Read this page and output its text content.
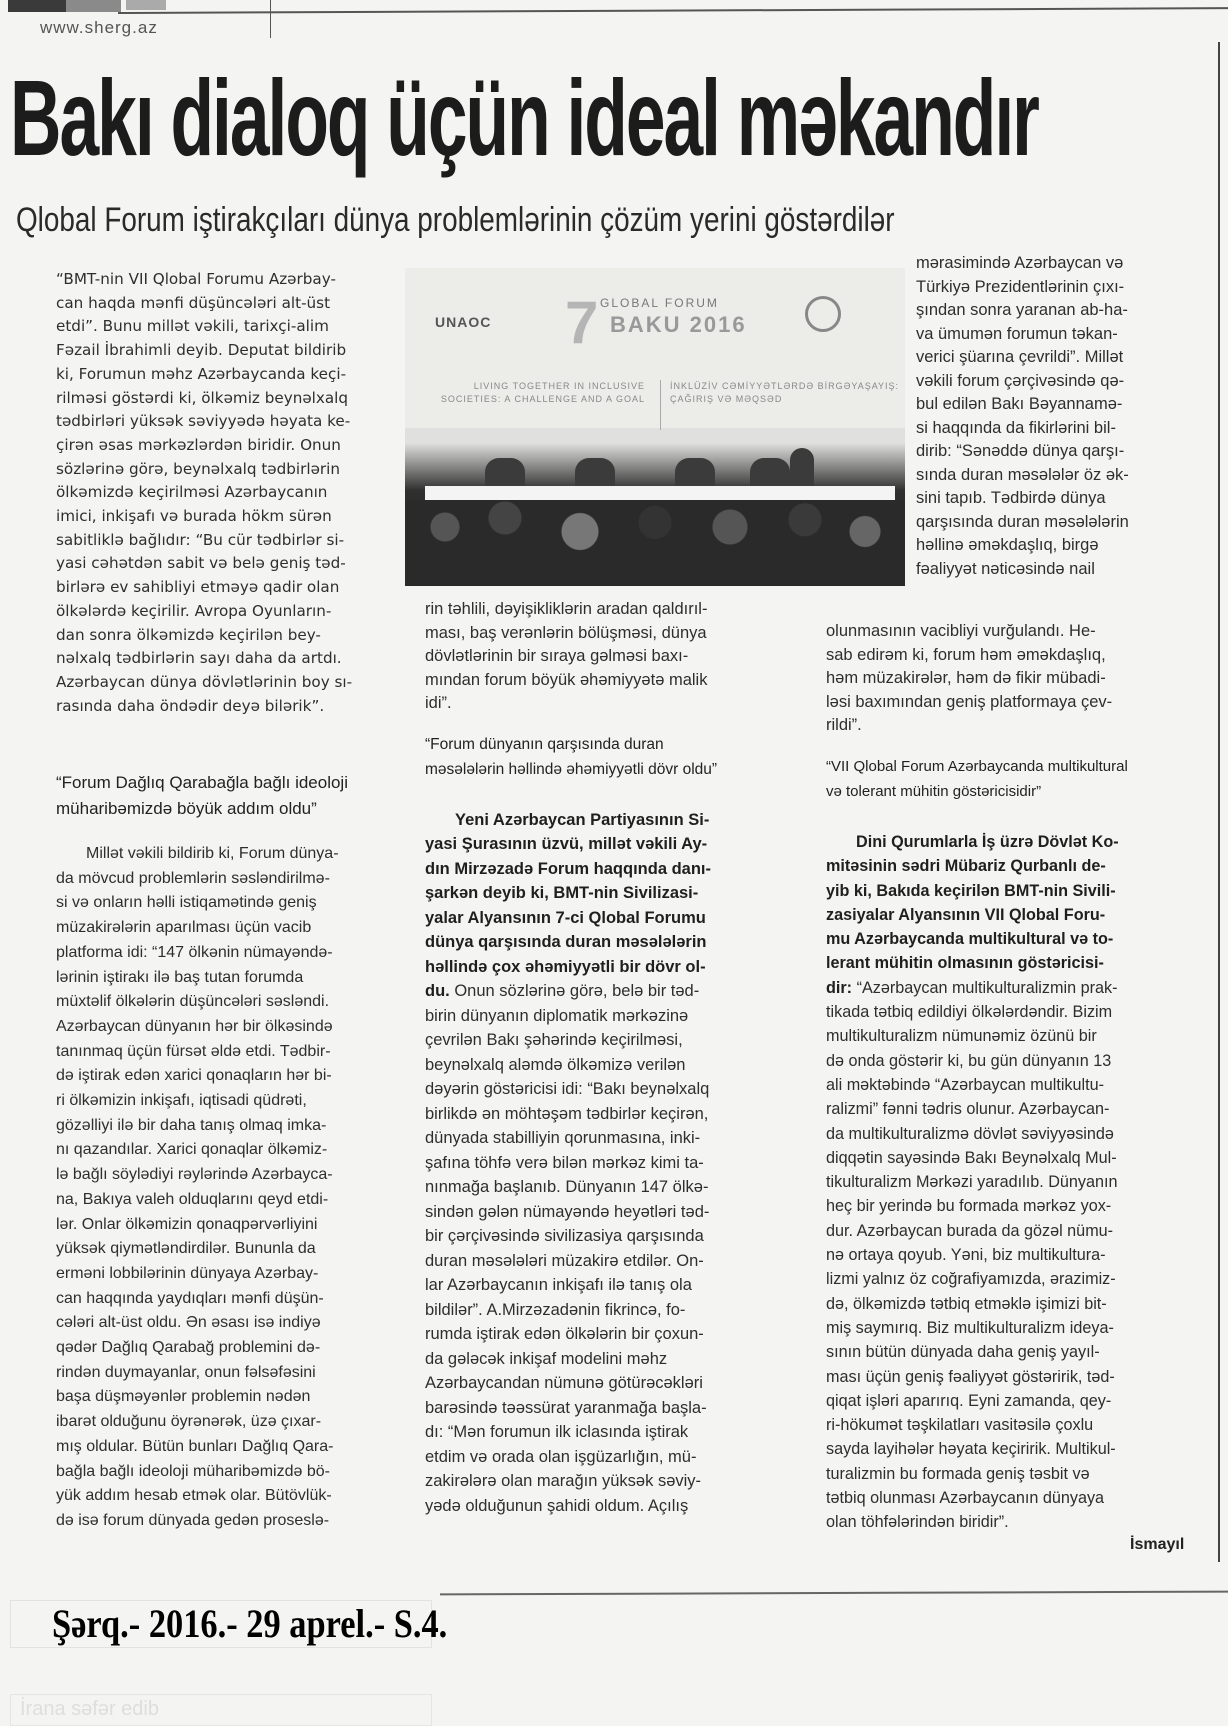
www.sherg.az
Bakı dialoq üçün ideal məkandır
Qlobal Forum iştirakçıları dünya problemlərinin çözüm yerini göstərdilər
“BMT-nin VII Qlobal Forumu Azərbay-
can haqda mənfi düşüncələri alt-üst
etdi”. Bunu millət vəkili, tarixçi-alim
Fəzail İbrahimli deyib. Deputat bildirib
ki, Forumun məhz Azərbaycanda keçi-
rilməsi göstərdi ki, ölkəmiz beynəlxalq
tədbirləri yüksək səviyyədə həyata ke-
çirən əsas mərkəzlərdən biridir. Onun
sözlərinə görə, beynəlxalq tədbirlərin
ölkəmizdə keçirilməsi Azərbaycanın
imici, inkişafı və burada hökm sürən
sabitliklə bağlıdır: “Bu cür tədbirlər si-
yasi cəhətdən sabit və belə geniş təd-
birlərə ev sahibliyi etməyə qadir olan
ölkələrdə keçirilir. Avropa Oyunların-
dan sonra ölkəmizdə keçirilən bey-
nəlxalq tədbirlərin sayı daha da artdı.
Azərbaycan dünya dövlətlərinin boy sı-
rasında daha öndədir deyə bilərik”.
“Forum Dağlıq Qarabağla bağlı ideoloji
müharibəmizdə böyük addım oldu”
Millət vəkili bildirib ki, Forum dünya-
da mövcud problemlərin səsləndirilmə-
si və onların həlli istiqamətində geniş
müzakirələrin aparılması üçün vacib
platforma idi: “147 ölkənin nümayəndə-
lərinin iştirakı ilə baş tutan forumda
müxtəlif ölkələrin düşüncələri səsləndi.
Azərbaycan dünyanın hər bir ölkəsində
tanınmaq üçün fürsət əldə etdi. Tədbir-
də iştirak edən xarici qonaqların hər bi-
ri ölkəmizin inkişafı, iqtisadi qüdrəti,
gözəlliyi ilə bir daha tanış olmaq imka-
nı qazandılar. Xarici qonaqlar ölkəmiz-
lə bağlı söylədiyi rəylərində Azərbayca-
na, Bakıya valeh olduqlarını qeyd etdi-
lər. Onlar ölkəmizin qonaqpərvərliyini
yüksək qiymətləndirdilər. Bununla da
erməni lobbilərinin dünyaya Azərbay-
can haqqında yaydıqları mənfi düşün-
cələri alt-üst oldu. Ən əsası isə indiyə
qədər Dağlıq Qarabağ problemini də-
rindən duymayanlar, onun fəlsəfəsini
başa düşməyənlər problemin nədən
ibarət olduğunu öyrənərək, üzə çıxar-
mış oldular. Bütün bunları Dağlıq Qara-
bağla bağlı ideoloji müharibəmizdə bö-
yük addım hesab etmək olar. Bütövlük-
də isə forum dünyada gedən proseslə-
UNAOC 7 GLOBAL FORUM
BAKU 2016
LIVING TOGETHER IN INCLUSIVE SOCIETIES: A CHALLENGE AND A GOAL
İNKLÜZİV CƏMİYYƏTLƏRDƏ BİRGƏYAŞAYIŞ: ÇAĞIRIŞ VƏ MƏQSƏD
rin təhlili, dəyişikliklərin aradan qaldırıl-
ması, baş verənlərin bölüşməsi, dünya
dövlətlərinin bir sıraya gəlməsi baxı-
mından forum böyük əhəmiyyətə malik
idi”.
“Forum dünyanın qarşısında duran
məsələlərin həllində əhəmiyyətli dövr oldu”
Yeni Azərbaycan Partiyasının Si-
yasi Şurasının üzvü, millət vəkili Ay-
dın Mirzəzadə Forum haqqında danı-
şarkən deyib ki, BMT-nin Sivilizasi-
yalar Alyansının 7-ci Qlobal Forumu
dünya qarşısında duran məsələlərin
həllində çox əhəmiyyətli bir dövr ol-
du. Onun sözlərinə görə, belə bir təd-
birin dünyanın diplomatik mərkəzinə
çevrilən Bakı şəhərində keçirilməsi,
beynəlxalq aləmdə ölkəmizə verilən
dəyərin göstəricisi idi: “Bakı beynəlxalq
birlikdə ən möhtəşəm tədbirlər keçirən,
dünyada stabilliyin qorunmasına, inki-
şafına töhfə verə bilən mərkəz kimi ta-
nınmağa başlanıb. Dünyanın 147 ölkə-
sindən gələn nümayəndə heyətləri təd-
bir çərçivəsində sivilizasiya qarşısında
duran məsələləri müzakirə etdilər. On-
lar Azərbaycanın inkişafı ilə tanış ola
bildilər”. A.Mirzəzadənin fikrincə, fo-
rumda iştirak edən ölkələrin bir çoxun-
da gələcək inkişaf modelini məhz
Azərbaycandan nümunə götürəcəkləri
barəsində təəssürat yaranmağa başla-
dı: “Mən forumun ilk iclasında iştirak
etdim və orada olan işgüzarlığın, mü-
zakirələrə olan marağın yüksək səviy-
yədə olduğunun şahidi oldum. Açılış
mərasimində Azərbaycan və
Türkiyə Prezidentlərinin çıxı-
şından sonra yaranan ab-ha-
va ümumən forumun təkan-
verici şüarına çevrildi”. Millət
vəkili forum çərçivəsində qə-
bul edilən Bakı Bəyannamə-
si haqqında da fikirlərini bil-
dirib: “Sənəddə dünya qarşı-
sında duran məsələlər öz ək-
sini tapıb. Tədbirdə dünya
qarşısında duran məsələlərin
həllinə əməkdaşlıq, birgə
fəaliyyət nəticəsində nail
olunmasının vacibliyi vurğulandı. He-
sab edirəm ki, forum həm əməkdaşlıq,
həm müzakirələr, həm də fikir mübadi-
ləsi baxımından geniş platformaya çev-
rildi”.
“VII Qlobal Forum Azərbaycanda multikultural
və tolerant mühitin göstəricisidir”
Dini Qurumlarla İş üzrə Dövlət Ko-
mitəsinin sədri Mübariz Qurbanlı de-
yib ki, Bakıda keçirilən BMT-nin Sivili-
zasiyalar Alyansının VII Qlobal Foru-
mu Azərbaycanda multikultural və to-
lerant mühitin olmasının göstəricisi-
dir: “Azərbaycan multikulturalizmin prak-
tikada tətbiq edildiyi ölkələrdəndir. Bizim
multikulturalizm nümunəmiz özünü bir
də onda göstərir ki, bu gün dünyanın 13
ali məktəbində “Azərbaycan multikultu-
ralizmi” fənni tədris olunur. Azərbaycan-
da multikulturalizmə dövlət səviyyəsində
diqqətin sayəsində Bakı Beynəlxalq Mul-
tikulturalizm Mərkəzi yaradılıb. Dünyanın
heç bir yerində bu formada mərkəz yox-
dur. Azərbaycan burada da gözəl nümu-
nə ortaya qoyub. Yəni, biz multikultura-
lizmi yalnız öz coğrafiyamızda, ərazimiz-
də, ölkəmizdə tətbiq etməklə işimizi bit-
miş saymırıq. Biz multikulturalizm ideya-
sının bütün dünyada daha geniş yayıl-
ması üçün geniş fəaliyyət göstəririk, təd-
qiqat işləri aparırıq. Eyni zamanda, qey-
ri-hökumət təşkilatları vasitəsilə çoxlu
sayda layihələr həyata keçiririk. Multikul-
turalizmin bu formada geniş təsbit və
tətbiq olunması Azərbaycanın dünyaya
olan töhfələrindən biridir”.
İsmayıl
Şərq.- 2016.- 29 aprel.- S.4.
İrana səfər edib
